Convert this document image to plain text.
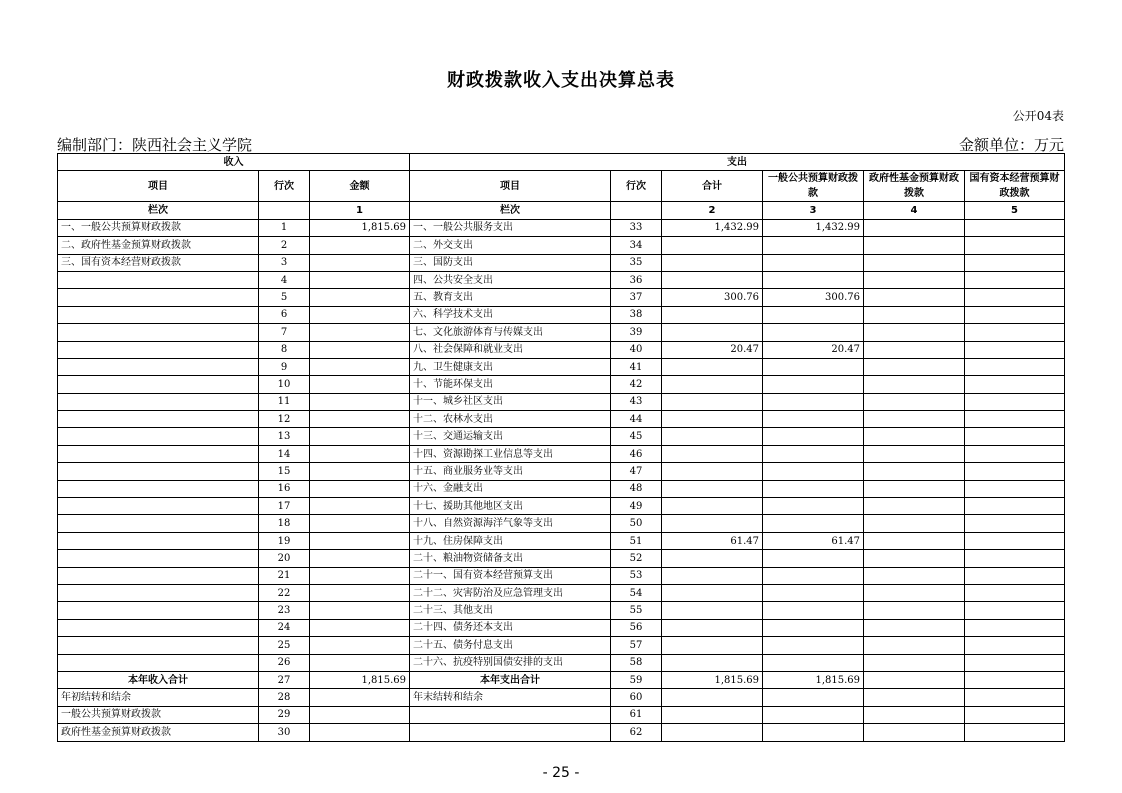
财政拨款收入支出决算总表
公开04表
编制部门：陕西社会主义学院	金额单位：万元
收入			支出					
项目	行次	金额	项目	行次	合计	一般公共预算财政拨款	政府性基金预算财政拨款	国有资本经营预算财政拨款
栏次		1	栏次		2	3	4	5
一、一般公共预算财政拨款	1	1,815.69	一、一般公共服务支出	33	1,432.99	1,432.99		
二、政府性基金预算财政拨款	2		二、外交支出	34				
三、国有资本经营财政拨款	3		三、国防支出	35				
	4		四、公共安全支出	36				
	5		五、教育支出	37	300.76	300.76		
	6		六、科学技术支出	38				
	7		七、文化旅游体育与传媒支出	39				
	8		八、社会保障和就业支出	40	20.47	20.47		
	9		九、卫生健康支出	41				
	10		十、节能环保支出	42				
	11		十一、城乡社区支出	43				
	12		十二、农林水支出	44				
	13		十三、交通运输支出	45				
	14		十四、资源勘探工业信息等支出	46				
	15		十五、商业服务业等支出	47				
	16		十六、金融支出	48				
	17		十七、援助其他地区支出	49				
	18		十八、自然资源海洋气象等支出	50				
	19		十九、住房保障支出	51	61.47	61.47		
	20		二十、粮油物资储备支出	52				
	21		二十一、国有资本经营预算支出	53				
	22		二十二、灾害防治及应急管理支出	54				
	23		二十三、其他支出	55				
	24		二十四、债务还本支出	56				
	25		二十五、债务付息支出	57				
	26		二十六、抗疫特别国债安排的支出	58				
本年收入合计	27	1,815.69	本年支出合计	59	1,815.69	1,815.69		
年初结转和结余	28		年末结转和结余	60				
一般公共预算财政拨款	29			61				
政府性基金预算财政拨款	30			62				
- 25 -
